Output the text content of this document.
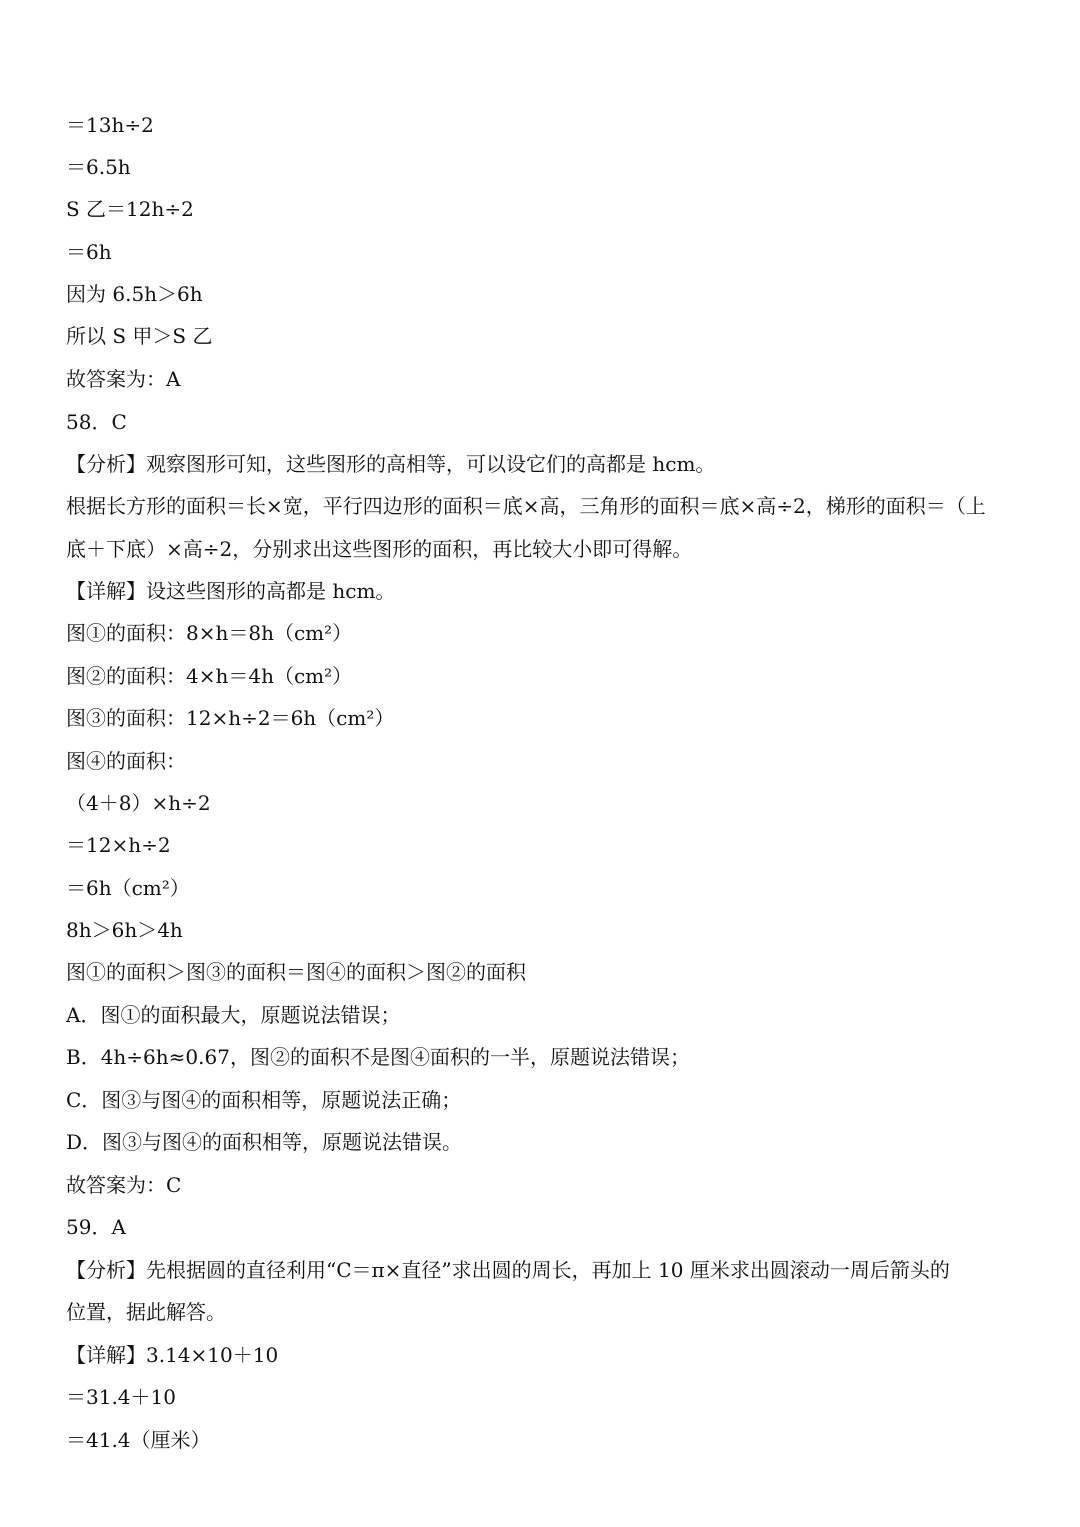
＝13h÷2
＝6.5h
S 乙＝12h÷2
＝6h
因为 6.5h＞6h
所以 S 甲＞S 乙
故答案为：A
58．C
【分析】观察图形可知，这些图形的高相等，可以设它们的高都是 hcm。
根据长方形的面积＝长×宽，平行四边形的面积＝底×高，三角形的面积＝底×高÷2，梯形的面积＝（上
底＋下底）×高÷2，分别求出这些图形的面积，再比较大小即可得解。
【详解】设这些图形的高都是 hcm。
图①的面积：8×h＝8h（cm²）
图②的面积：4×h＝4h（cm²）
图③的面积：12×h÷2＝6h（cm²）
图④的面积：
（4＋8）×h÷2
＝12×h÷2
＝6h（cm²）
8h＞6h＞4h
图①的面积＞图③的面积＝图④的面积＞图②的面积
A．图①的面积最大，原题说法错误；
B．4h÷6h≈0.67，图②的面积不是图④面积的一半，原题说法错误；
C．图③与图④的面积相等，原题说法正确；
D．图③与图④的面积相等，原题说法错误。
故答案为：C
59．A
【分析】先根据圆的直径利用“C＝π×直径”求出圆的周长，再加上 10 厘米求出圆滚动一周后箭头的
位置，据此解答。
【详解】3.14×10＋10
＝31.4＋10
＝41.4（厘米）
